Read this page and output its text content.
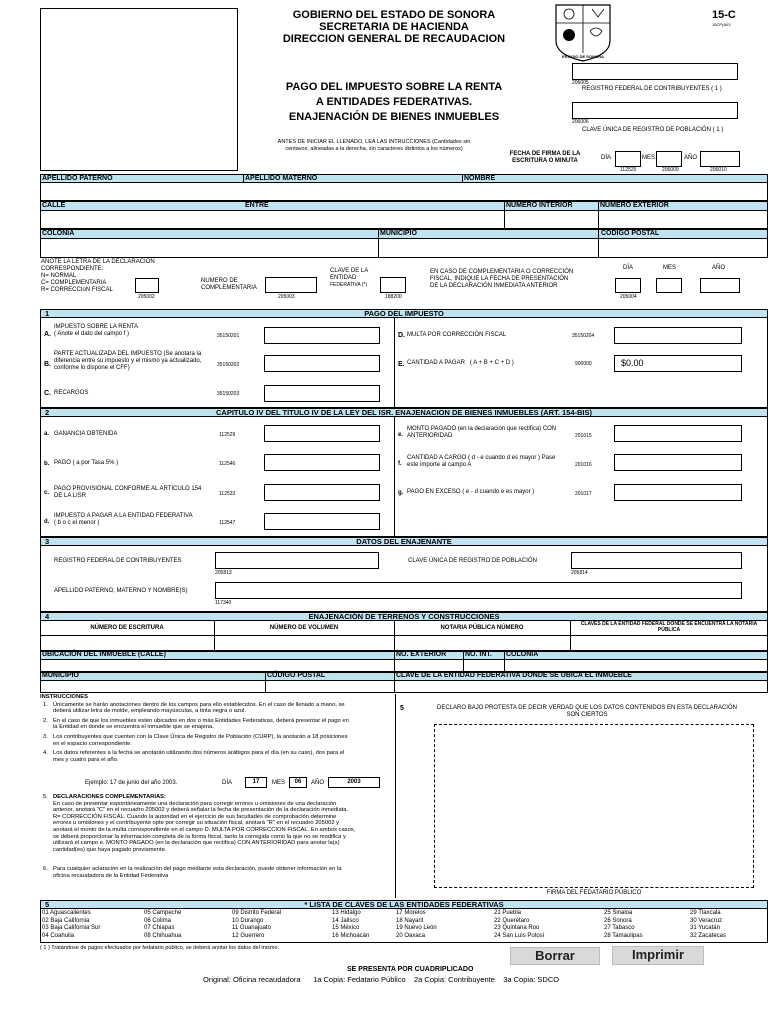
GOBIERNO DEL ESTADO DE SONORA
SECRETARIA DE HACIENDA
DIRECCION GENERAL DE RECAUDACION
ESTADO DE SONORA
15-C
15CP(A03
PAGO DEL IMPUESTO SOBRE LA RENTA
A ENTIDADES FEDERATIVAS.
ENAJENACIÓN DE BIENES INMUEBLES
206005
REGISTRO FEDERAL DE CONTRIBUYENTES ( 1 )
206006
CLAVE ÚNICA DE REGISTRO DE POBLACIÓN ( 1 )
ANTES DE INICIAR EL LLENADO, LEA LAS INTRUCCIONES (Cantidades sin
centavos, alineadas a la derecha, sin caracteres distintos a los números)
FECHA DE FIRMA DE LA
ESCRITURA O MINUTA	DÍA	MES	AÑO
112525	206009	206010
APELLIDO PATERNO	APELLIDO MATERNO	NOMBRE
CALLE	ENTRE	NÚMERO INTERIOR	NÚMERO EXTERIOR
COLONIA	MUNICIPIO	CÓDIGO POSTAL
ANOTE LA LETRA DE LA DECLARACION
CORRESPONDIENTE:
N= NORMAL
C= COMPLEMENTARIA
R= CORRECCIoN FISCAL
205002
NUMERO DE
COMPLEMENTARIA
205003
CLAVE DE LA
ENTIDAD
FEDERATIVA (*)
188200
EN CASO DE COMPLEMENTARIA O CORRECCIÓN
FISCAL, INDIQUE LA FECHA DE PRESENTACIÓN
DE LA DECLARACIÓN INMEDIATA ANTERIOR
DÍA	MES	AÑO
205004
1	PAGO DEL IMPUESTO
A.
IMPUESTO SOBRE LA RENTA
( Anote el dato del campo f )	35150201
B.
PARTE ACTUALIZADA DEL IMPUESTO (Se anotara la
diferencia entre su impuesto y el mismo ya actualizado,
conforme lo dispone el CFF)	35150202
C. RECARGOS	35150203
D. MULTA POR CORRECCIÓN FISCAL	35150204
E. CANTIDAD A PAGAR ( A + B + C + D )	900000	$0.00
2	CAPITULO IV DEL TITULO IV DE LA LEY DEL ISR. ENAJENACION DE BIENES INMUEBLES (ART. 154-BIS)
a. GANANCIA OBTENIDA	112529
b. PAGO ( a por Tasa 5% )	112546
c.
PAGO PROVISIONAL CONFORME AL ARTICULO 154
DE LA LISR	112533
d.
IMPUESTO A PAGAR A LA ENTIDAD FEDERATIVA
( b o c el menor )	112547
e.
MONTO PAGADO (en la declaración que rectifica) CON
ANTERIORIDAD	201015
f.
CANTIDAD A CARGO ( d - e cuando d es mayor ) Pase
este importe al campo A	201016
g. PAGO EN EXCESO ( e - d cuando e es mayor )	201017
3	DATOS DEL ENAJENANTE
REGISTRO FEDERAL DE CONTRIBUYENTES
205813
CLAVE ÚNICA DE REGISTRO DE POBLACIÓN
205814
APELLIDO PATERNO, MATERNO Y NOMBRE(S)
117340
4	ENAJENACIÓN DE TERRENOS Y CONSTRUCCIONES
NÚMERO DE ESCRITURA	NÚMERO DE VOLUMEN	NOTARIA PÚBLICA NÚMERO
CLAVES DE LA ENTIDAD FEDERAL DONDE SE ENCUENTRA LA NOTARÍA PÚBLICA
UBICACIÓN DEL INMUEBLE (CALLE)	NO. EXTERIOR	NO. INT. COLONIA
MUNICIPIO	CÓDIGO POSTAL	CLAVE DE LA ENTIDAD FEDERATIVA DONDE SE UBICA EL INMUEBLE
INSTRUCCIONES
1. Únicamente se harán anotaciones dentro de los campos para ello establecidos. En el caso de llenado a mano, se
deberá utilizar letra de molde, empleando mayúsculas, a tinta negra o azul.
2. En el caso de que los inmuebles estén ubicados en dos o más Entidades Federativas, deberá presentar el pago en
la Entidad en donde se encuentra el inmueble que se enajena.
3. Los contribuyentes que cuenten con la Clave Única de Registro de Población (CURP), la anotarán a 18 posiciones
en el espacio correspondiente.
4. Los datos referentes a la fecha se anotarán utilizando dos números arábigos para el día (en su caso), dos para el
mes y cuatro para el año.
Ejemplo: 17 de junio del año 2003.	DÍA	17	MES	06	AÑO	2003
5. DECLARACIONES COMPLEMENTARIAS:
En caso de presentar espontáneamente una declaración para corregir errores u omisiones de una declaración
anterior, anotará "C" en el recuadro 205002 y deberá señalar la fecha de presentación de la declaración inmediata.
R= CORRECCIÓN FISCAL. Cuando la autoridad en el ejercicio de sus facultades de comprobación determine
errores u omisiones y el contribuyente opte por corregir su situación fiscal, anotará "R" en el recuadro 205002 y
anotará el monto de la multa correspondiente en el campo D. MULTA POR CORRECCION FISCAL. En ambos casos,
se deberá proporcionar la información completa de la forma fiscal, tanto la corregida como la que no se modifica y
utilizará el campo e. MONTO PAGADO (en la declaración que rectifica) CON ANTERIORIDAD para anotar la(s)
cantidad(es) que haya pagado previamente.
6. Para cualquier aclaración en la realización del pago mediante esta declaración, puede obtener información en la
oficina recaudadora de la Entidad Federativa
5	DECLARO BAJO PROTESTA DE DECIR VERDAD QUE LOS DATOS CONTENIDOS EN ESTA DECLARACIÓN
SON CIERTOS
FIRMA DEL FEDATARIO PÚBLICO
5	* LISTA DE CLAVES DE LAS ENTIDADES FEDERATIVAS
01 Aguascalientes
02 Baja California
03 Baja California Sur
04 Coahuila
05 Campeche
06 Colima
07 Chiapas
08 Chihuahua
09 Distrito Federal
10 Durango
11 Guanajuato
12 Guerrero
13 Hidalgo
14 Jalisco
15 México
16 Michoacán
17 Morelos
18 Nayarit
19 Nuevo León
20 Oaxaca
21 Puebla
22 Querétaro
23 Quintana Roo
24 San Luis Potosí
25 Sinaloa
26 Sonora
27 Tabasco
28 Tamaulipas
29 Tlaxcala
30 Veracruz
31 Yucatán
32 Zacatecas
( 1 ) Tratándose de pagos efectuados por fedatario público, se deberá anotar los datos del mismo.	Borrar	Imprimir
SE PRESENTA POR CUADRIPLICADO
Original: Oficina recaudadora 1a Copia: Fedatario Público 2a Copia: Contribuyente 3a Copia: SDCO
